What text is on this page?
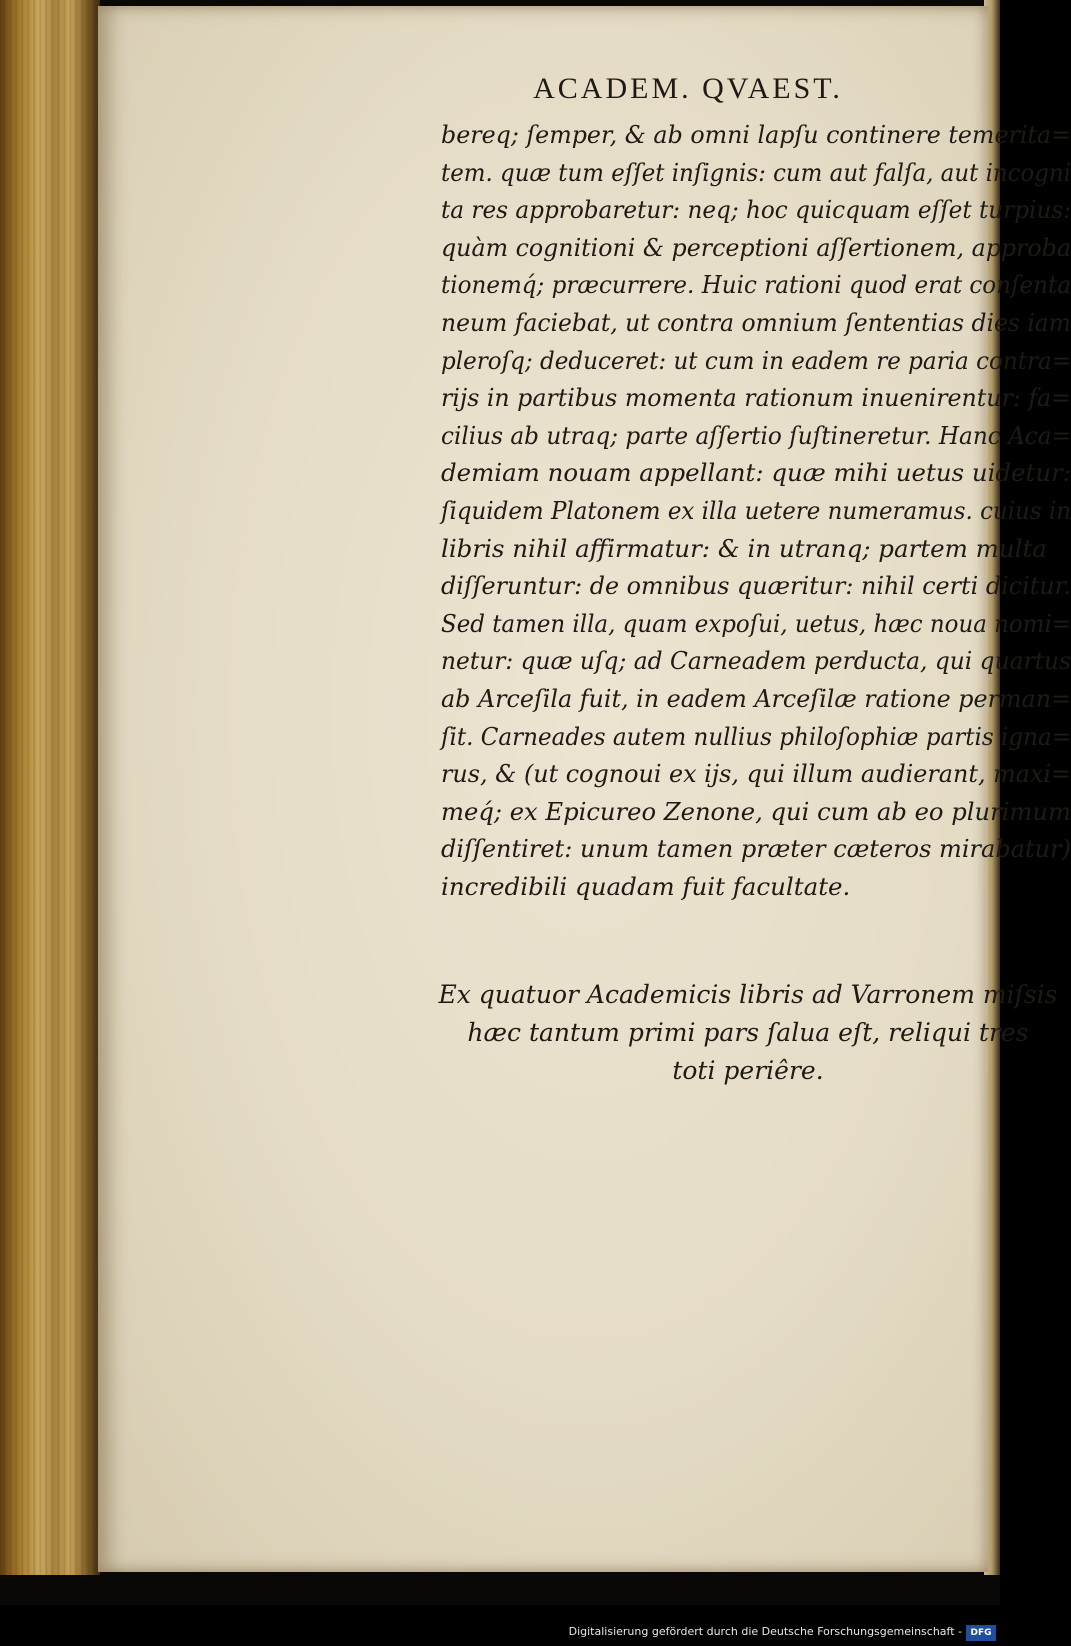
ACADEM. QVAEST.
bereq; ſemper, & ab omni lapſu continere temerita=
tem. quæ tum eſſet inſignis: cum aut falſa, aut incogni
ta res approbaretur: neq; hoc quicquam eſſet turpius:
quàm cognitioni & perceptioni aſſertionem, approba
tionemq́; præcurrere. Huic rationi quod erat conſenta
neum faciebat, ut contra omnium ſententias dies iam
pleroſq; deduceret: ut cum in eadem re paria contra=
rijs in partibus momenta rationum inuenirentur: fa=
cilius ab utraq; parte aſſertio ſuſtineretur. Hanc Aca=
demiam nouam appellant: quæ mihi uetus uidetur:
ſiquidem Platonem ex illa uetere numeramus. cuius in
libris nihil affirmatur: & in utranq; partem multa
diſſeruntur: de omnibus quæritur: nihil certi dicitur.
Sed tamen illa, quam expoſui, uetus, hæc noua nomi=
netur: quæ uſq; ad Carneadem perducta, qui quartus
ab Arceſila fuit, in eadem Arceſilæ ratione perman=
ſit. Carneades autem nullius philoſophiæ partis igna=
rus, & (ut cognoui ex ijs, qui illum audierant, maxi=
meq́; ex Epicureo Zenone, qui cum ab eo plurimum
diſſentiret: unum tamen præter cæteros mirabatur)
incredibili quadam fuit facultate.
Ex quatuor Academicis libris ad Varronem miſsis
hæc tantum primi pars ſalua eſt, reliqui tres
toti periêre.
Digitalisierung gefördert durch die Deutsche Forschungsgemeinschaft - DFG
